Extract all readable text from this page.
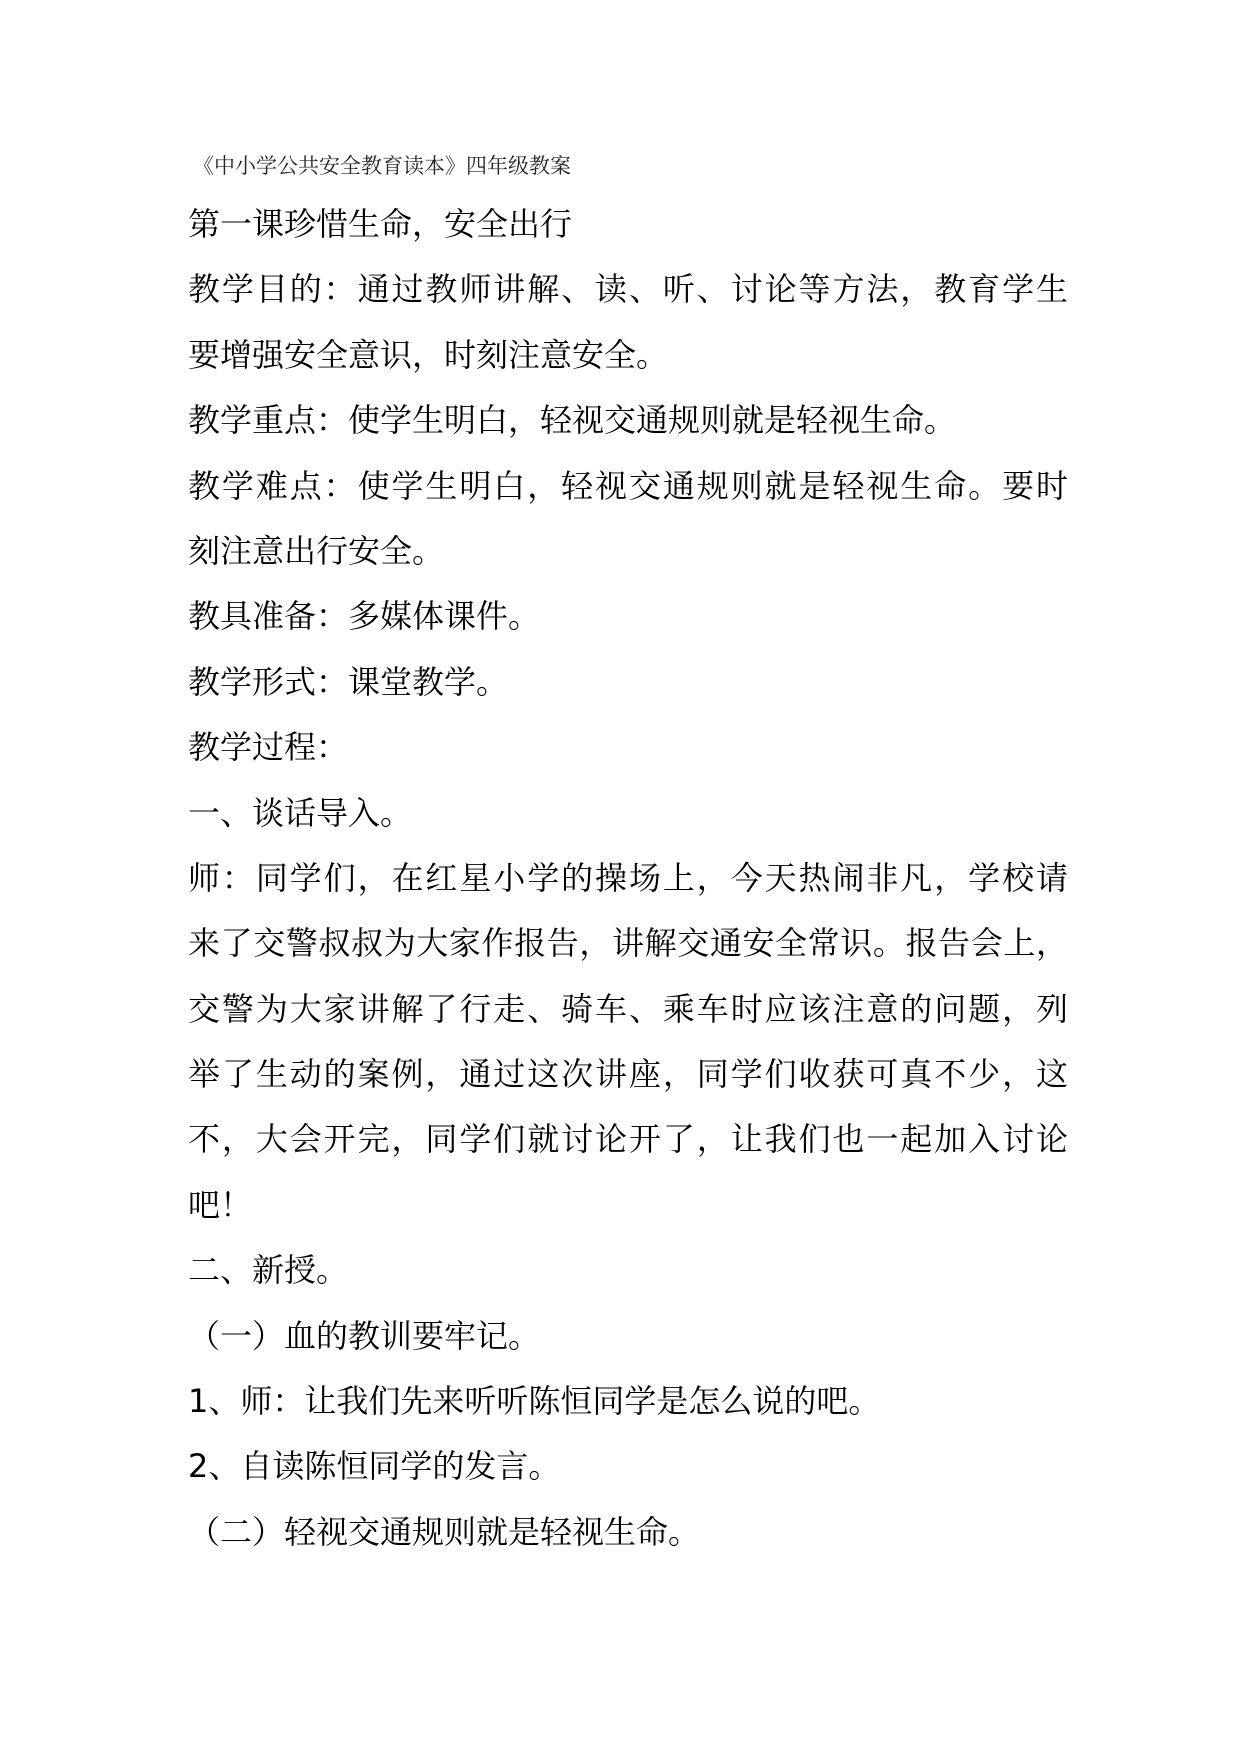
《中小学公共安全教育读本》四年级教案
第一课珍惜生命，安全出行
教学目的：通过教师讲解、读、听、讨论等方法，教育学生
要增强安全意识，时刻注意安全。
教学重点：使学生明白，轻视交通规则就是轻视生命。
教学难点：使学生明白，轻视交通规则就是轻视生命。要时
刻注意出行安全。
教具准备：多媒体课件。
教学形式：课堂教学。
教学过程：
一、谈话导入。
师：同学们，在红星小学的操场上，今天热闹非凡，学校请
来了交警叔叔为大家作报告，讲解交通安全常识。报告会上，
交警为大家讲解了行走、骑车、乘车时应该注意的问题，列
举了生动的案例，通过这次讲座，同学们收获可真不少，这
不，大会开完，同学们就讨论开了，让我们也一起加入讨论
吧！
二、新授。
（一）血的教训要牢记。
1、师：让我们先来听听陈恒同学是怎么说的吧。
2、自读陈恒同学的发言。
（二）轻视交通规则就是轻视生命。
